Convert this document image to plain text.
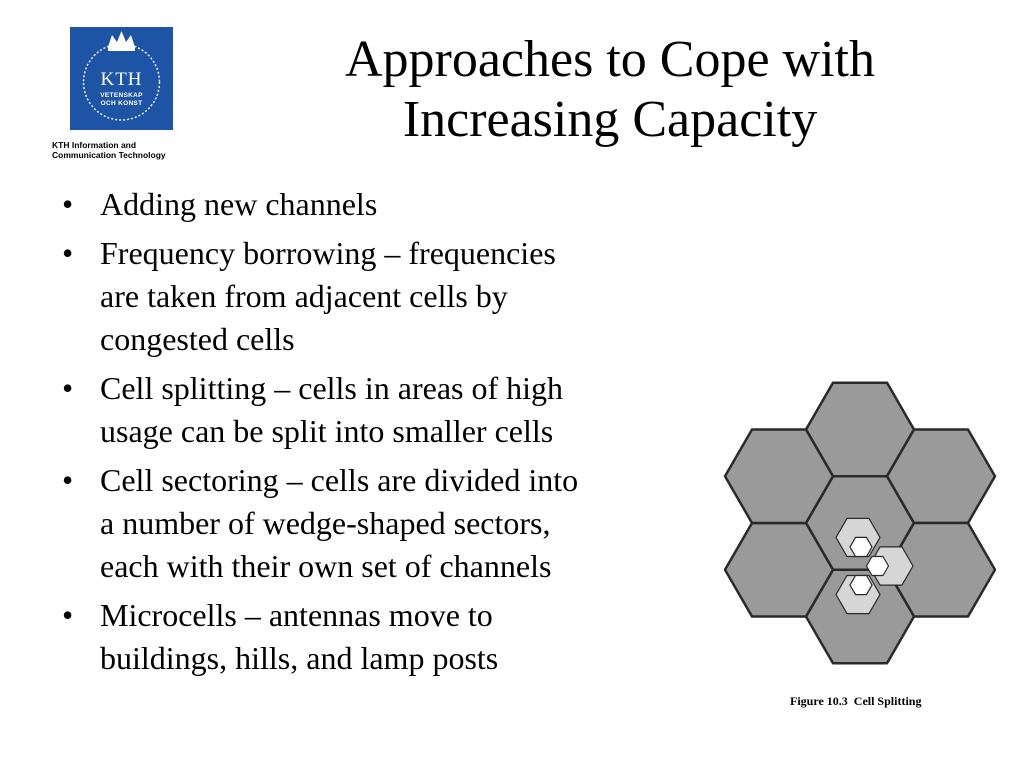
KTH
VETENSKAP
OCH KONST
KTH Information and
Communication Technology
Approaches to Cope with
Increasing Capacity
• Adding new channels
• Frequency borrowing – frequencies
are taken from adjacent cells by
congested cells
• Cell splitting – cells in areas of high
usage can be split into smaller cells
• Cell sectoring – cells are divided into
a number of wedge-shaped sectors,
each with their own set of channels
• Microcells – antennas move to
buildings, hills, and lamp posts
Figure 10.3  Cell Splitting
